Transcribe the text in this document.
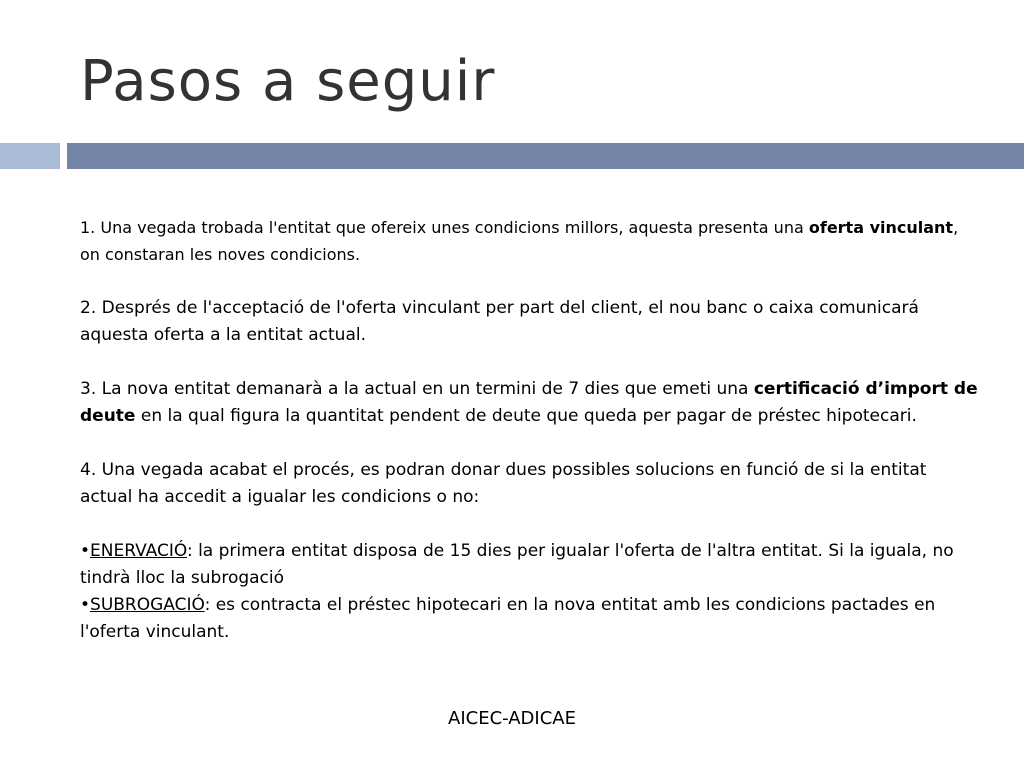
Pasos a seguir

1. Una vegada trobada l'entitat que ofereix unes condicions millors, aquesta presenta una oferta vinculant, on constaran les noves condicions.

2. Després de l'acceptació de l'oferta vinculant per part del client, el nou banc o caixa comunicará aquesta oferta a la entitat actual.

3. La nova entitat demanarà a la actual en un termini de 7 dies que emeti una certificació d’import de deute en la qual figura la quantitat pendent de deute que queda per pagar de préstec hipotecari.

4. Una vegada acabat el procés, es podran donar dues possibles solucions en funció de si la entitat actual ha accedit a igualar les condicions o no:

•ENERVACIÓ: la primera entitat disposa de 15 dies per igualar l'oferta de l'altra entitat. Si la iguala, no tindrà lloc la subrogació

•SUBROGACIÓ: es contracta el préstec hipotecari en la nova entitat amb les condicions pactades en l'oferta vinculant.

AICEC-ADICAE
